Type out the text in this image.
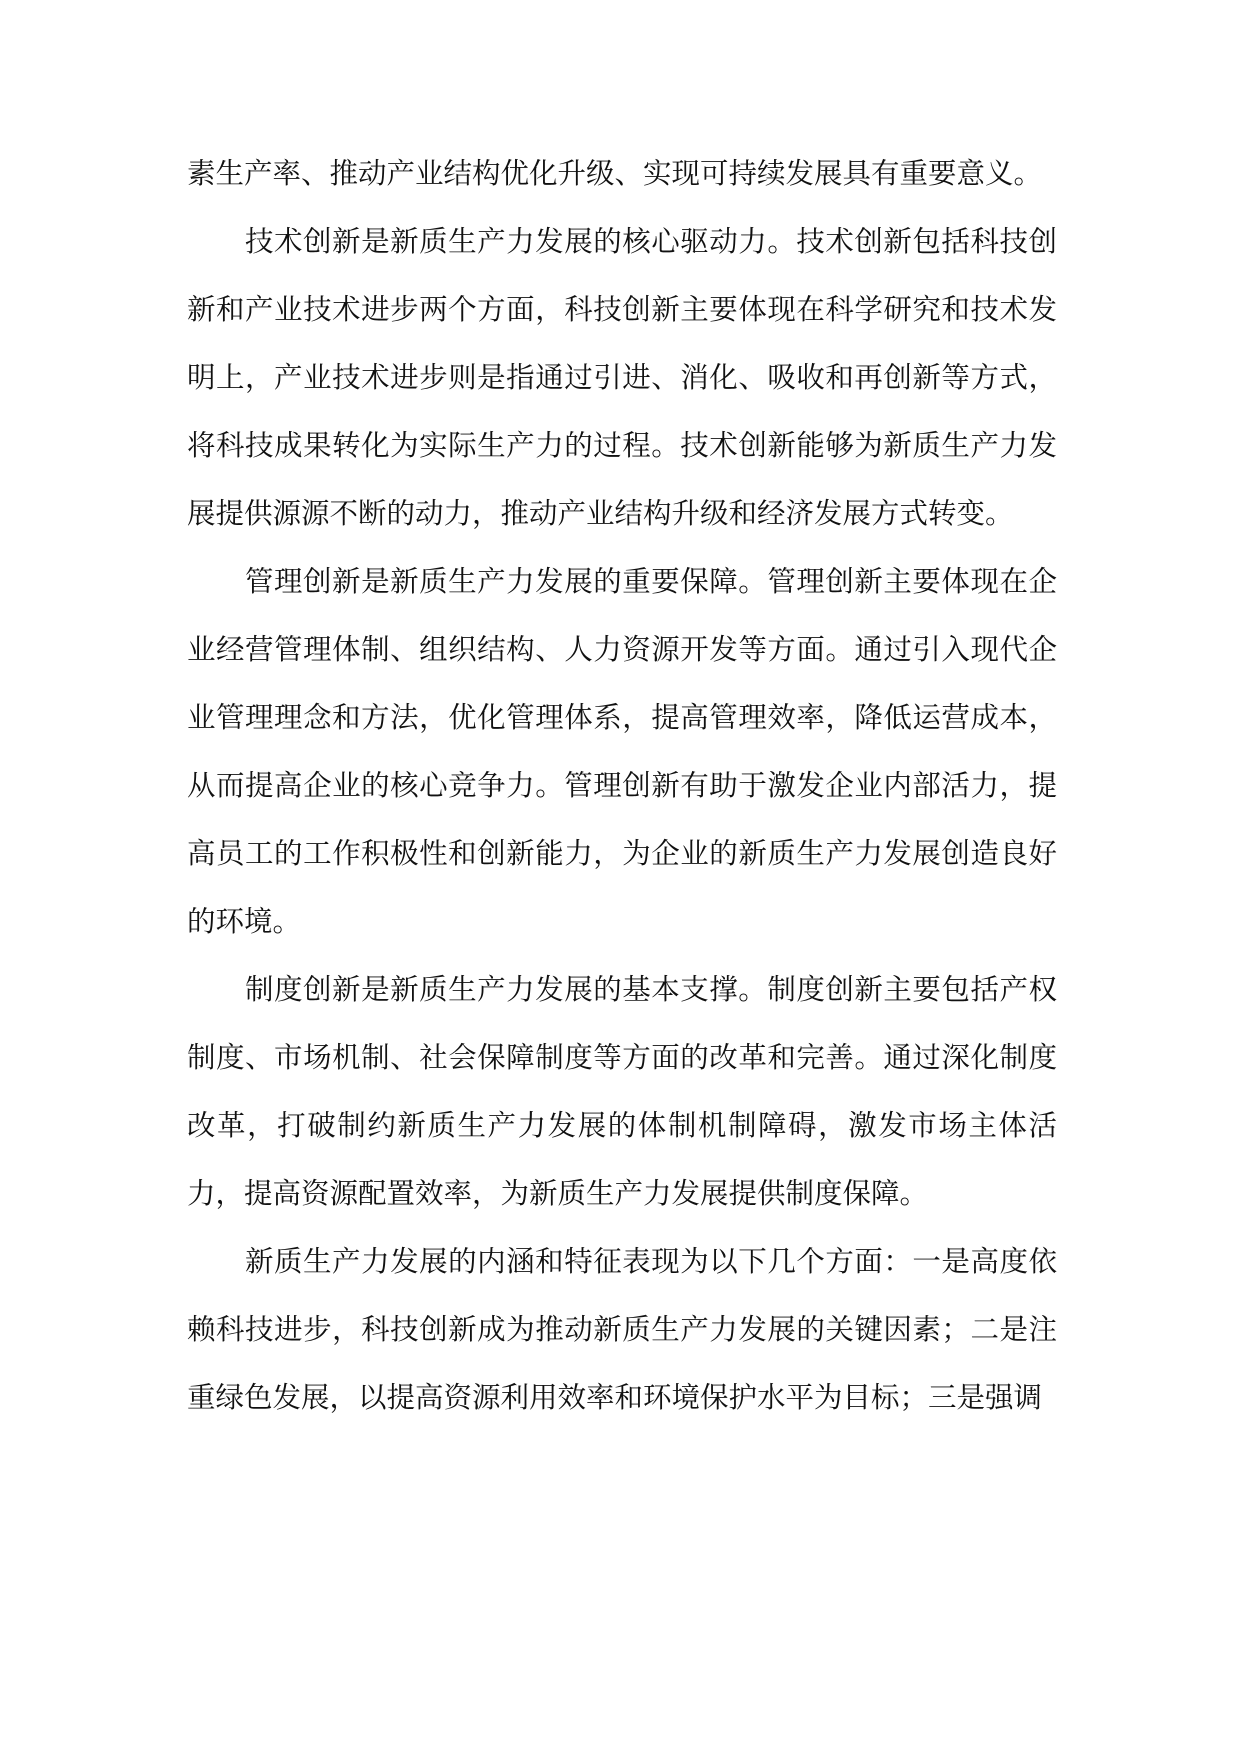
素生产率、推动产业结构优化升级、实现可持续发展具有重要意义。

技术创新是新质生产力发展的核心驱动力。技术创新包括科技创新和产业技术进步两个方面，科技创新主要体现在科学研究和技术发明上，产业技术进步则是指通过引进、消化、吸收和再创新等方式，将科技成果转化为实际生产力的过程。技术创新能够为新质生产力发展提供源源不断的动力，推动产业结构升级和经济发展方式转变。

管理创新是新质生产力发展的重要保障。管理创新主要体现在企业经营管理体制、组织结构、人力资源开发等方面。通过引入现代企业管理理念和方法，优化管理体系，提高管理效率，降低运营成本，从而提高企业的核心竞争力。管理创新有助于激发企业内部活力，提高员工的工作积极性和创新能力，为企业的新质生产力发展创造良好的环境。

制度创新是新质生产力发展的基本支撑。制度创新主要包括产权制度、市场机制、社会保障制度等方面的改革和完善。通过深化制度改革，打破制约新质生产力发展的体制机制障碍，激发市场主体活力，提高资源配置效率，为新质生产力发展提供制度保障。

新质生产力发展的内涵和特征表现为以下几个方面：一是高度依赖科技进步，科技创新成为推动新质生产力发展的关键因素；二是注重绿色发展，以提高资源利用效率和环境保护水平为目标；三是强调
